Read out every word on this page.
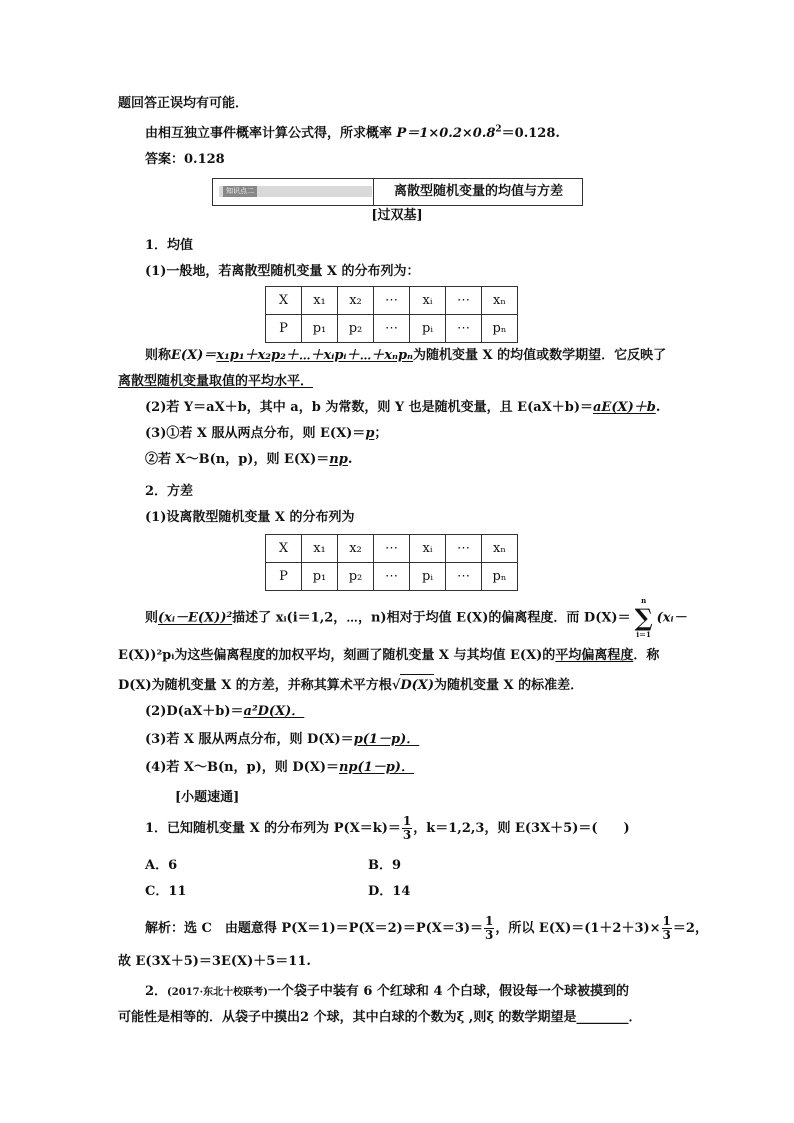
题回答正误均有可能．
由相互独立事件概率计算公式得，所求概率 $P=1\times 0.2\times 0.8^2=0.128$.
答案：0.128
知识点二	离散型随机变量的均值与方差
[过双基]
1．均值
(1)一般地，若离散型随机变量 X 的分布列为：
X	x₁	x₂	⋯	xᵢ	⋯	xₙ
P	p₁	p₂	⋯	pᵢ	⋯	pₙ
则称E(X)＝x₁p₁＋x₂p₂＋⋯＋xᵢpᵢ＋⋯＋xₙpₙ为随机变量 X 的均值或数学期望．它反映了
离散型随机变量取值的平均水平．
(2)若 Y＝aX＋b，其中 a，b 为常数，则 Y 也是随机变量，且 E(aX＋b)＝aE(X)＋b.
(3)①若 X 服从两点分布，则 E(X)＝p；
②若 X～B(n，p)，则 E(X)＝np.
2．方差
(1)设离散型随机变量 X 的分布列为
X	x₁	x₂	⋯	xᵢ	⋯	xₙ
P	p₁	p₂	⋯	pᵢ	⋯	pₙ
则(xᵢ－E(X))²描述了 xᵢ(i＝1,2，⋯，n)相对于均值 E(X)的偏离程度．而 D(X)＝
n
∑
i＝1
(xᵢ－
E(X))²pᵢ为这些偏离程度的加权平均，刻画了随机变量 X 与其均值 E(X)的平均偏离程度．称
D(X)为随机变量 X 的方差，并称其算术平方根√D(X)为随机变量 X 的标准差．
(2)D(aX＋b)＝a²D(X)．
(3)若 X 服从两点分布，则 D(X)＝p(1－p)．
(4)若 X～B(n，p)，则 D(X)＝np(1－p)．
[小题速通]
1．已知随机变量 X 的分布列为 $P(X=k)= \frac{1}{3}$ ，k＝1,2,3，则 E(3X＋5)＝(　　)
A．6	B．9
C．11	D．14
解析：选 C　由题意得 $P(X=1)=P(X=2)=P(X=3)= \frac{1}{3}$ ，所以 $E(X)=(1+2+3)\times \frac{1}{3} =2$，
故 E(3X＋5)＝3E(X)＋5＝11.
2．(2017·东北十校联考)一个袋子中装有 6 个红球和 4 个白球，假设每一个球被摸到的
可能性是相等的．从袋子中摸出2 个球，其中白球的个数为ξ ,则ξ 的数学期望是________．
